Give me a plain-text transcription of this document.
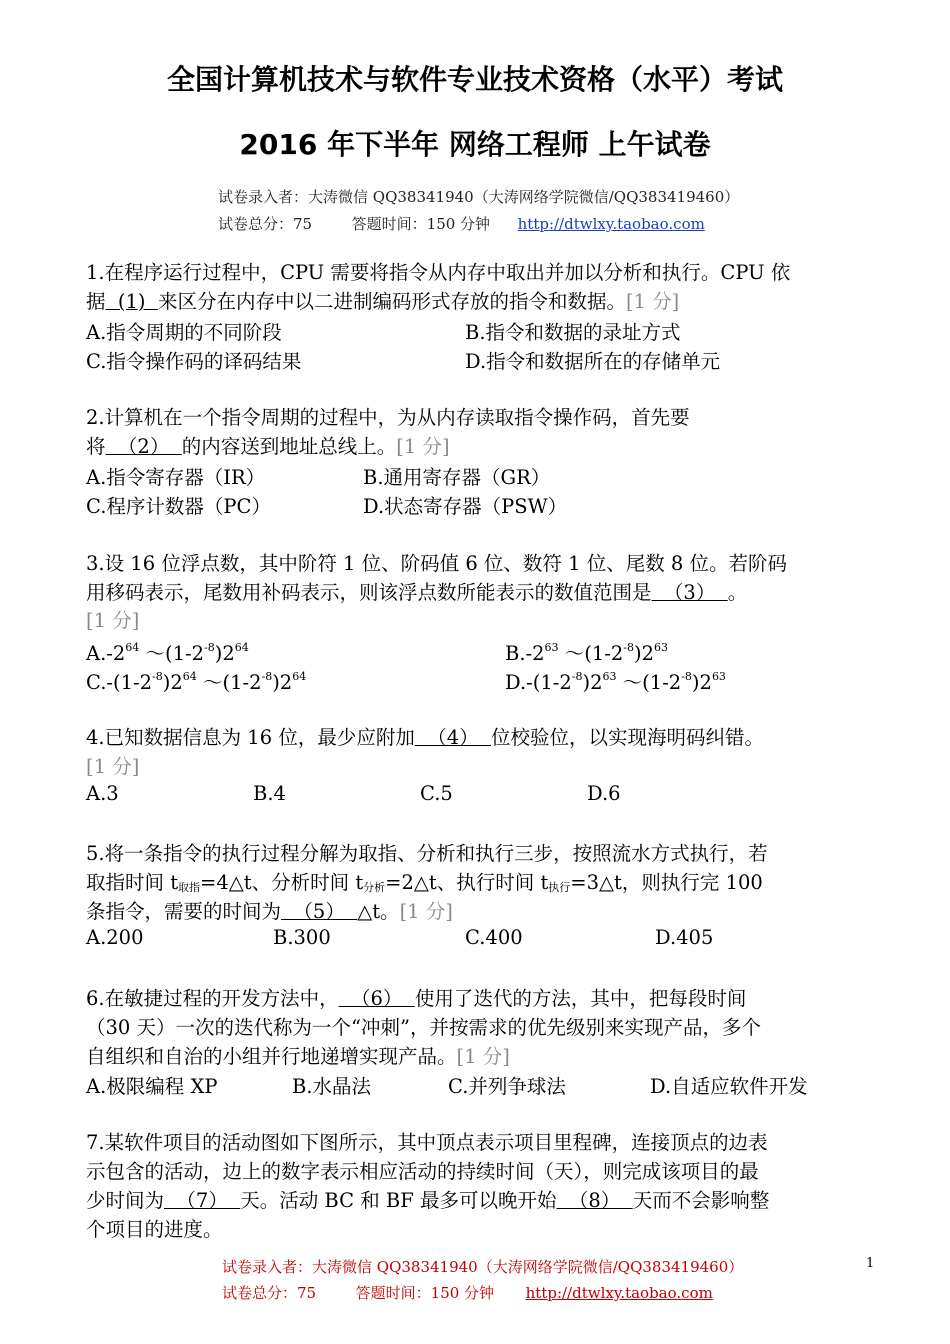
全国计算机技术与软件专业技术资格（水平）考试
2016 年下半年 网络工程师 上午试卷
试卷录入者：大涛微信 QQ38341940（大涛网络学院微信/QQ383419460）
试卷总分：75	答题时间：150 分钟 http://dtwlxy.taobao.com
1.在程序运行过程中，CPU 需要将指令从内存中取出并加以分析和执行。CPU 依
据  (1)  来区分在内存中以二进制编码形式存放的指令和数据。[1 分]
A.指令周期的不同阶段	B.指令和数据的录址方式
C.指令操作码的译码结果	D.指令和数据所在的存储单元
2.计算机在一个指令周期的过程中，为从内存读取指令操作码，首先要
将  （2）  的内容送到地址总线上。[1 分]
A.指令寄存器（IR）	B.通用寄存器（GR）
C.程序计数器（PC）	D.状态寄存器（PSW）
3.设 16 位浮点数，其中阶符 1 位、阶码值 6 位、数符 1 位、尾数 8 位。若阶码
用移码表示，尾数用补码表示，则该浮点数所能表示的数值范围是  （3）  。
[1 分]
$A.-2^{64}$ $\sim(1-2^{-8})2^{64}$	$B.-2^{63}$ $\sim(1-2^{-8})2^{63}$
$C.-(1-2^{-8})2^{64}$ $\sim(1-2^{-8})2^{64}$	$D.-(1-2^{-8})2^{63}$ $\sim(1-2^{-8})2^{63}$
4.已知数据信息为 16 位，最少应附加  （4）  位校验位，以实现海明码纠错。
[1 分]
A.3	B.4	C.5	D.6
5.将一条指令的执行过程分解为取指、分析和执行三步，按照流水方式执行，若
取指时间 $t_{取指}=4\triangle t$、分析时间 $t_{分析}=2\triangle t$、执行时间 $t_{执行}=3\triangle t$，则执行完 100
条指令，需要的时间为  （5）  △t。[1 分]
A.200	B.300	C.400	D.405
6.在敏捷过程的开发方法中，  （6）  使用了迭代的方法，其中，把每段时间
（30 天）一次的迭代称为一个“冲刺”，并按需求的优先级别来实现产品，多个
自组织和自治的小组并行地递增实现产品。[1 分]
A.极限编程 XP	B.水晶法	C.并列争球法	D.自适应软件开发
7.某软件项目的活动图如下图所示，其中顶点表示项目里程碑，连接顶点的边表
示包含的活动，边上的数字表示相应活动的持续时间（天），则完成该项目的最
少时间为  （7）  天。活动 BC 和 BF 最多可以晚开始  （8）  天而不会影响整
个项目的进度。
试卷录入者：大涛微信 QQ38341940（大涛网络学院微信/QQ383419460）
试卷总分：75	答题时间：150 分钟 http://dtwlxy.taobao.com
1
